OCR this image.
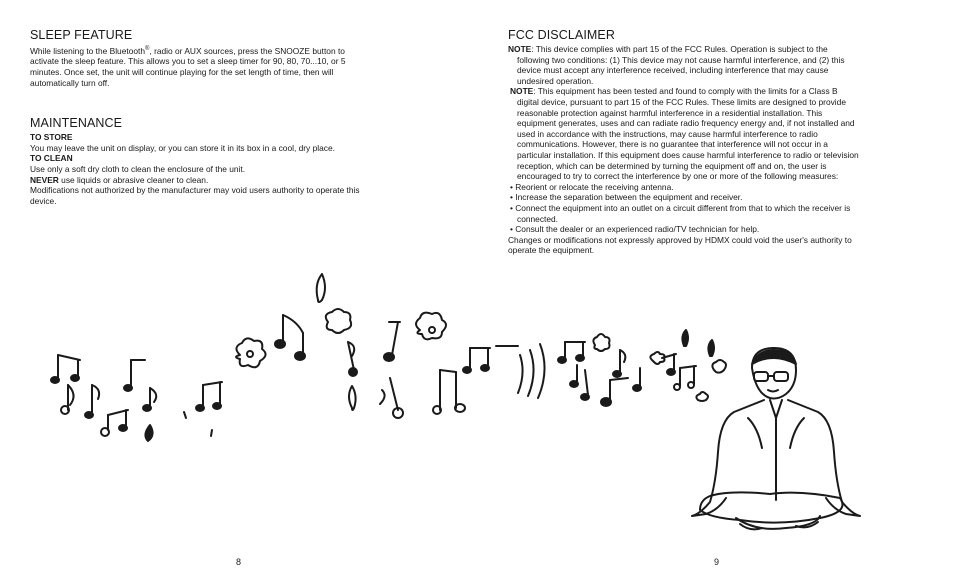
SLEEP FEATURE

While listening to the Bluetooth®, radio or AUX sources, press the SNOOZE button to activate the sleep feature. This allows you to set a sleep timer for 90, 80, 70...10, or 5 minutes. Once set, the unit will continue playing for the set length of time, then will automatically turn off.

MAINTENANCE

TO STORE

You may leave the unit on display, or you can store it in its box in a cool, dry place.

TO CLEAN

Use only a soft dry cloth to clean the enclosure of the unit.

NEVER use liquids or abrasive cleaner to clean.

Modifications not authorized by the manufacturer may void users authority to operate this device.

FCC DISCLAIMER

NOTE: This device complies with part 15 of the FCC Rules. Operation is subject to the following two conditions: (1) This device may not cause harmful interference, and (2) this device must accept any interference received, including interference that may cause undesired operation.

NOTE: This equipment has been tested and found to comply with the limits for a Class B digital device, pursuant to part 15 of the FCC Rules. These limits are designed to provide reasonable protection against harmful interference in a residential installation. This equipment generates, uses and can radiate radio frequency energy and, if not installed and used in accordance with the instructions, may cause harmful interference to radio communications. However, there is no guarantee that interference will not occur in a particular installation. If this equipment does cause harmful interference to radio or television reception, which can be determined by turning the equipment off and on, the user is encouraged to try to correct the interference by one or more of the following measures:

• Reorient or relocate the receiving antenna.

• Increase the separation between the equipment and receiver.

• Connect the equipment into an outlet on a circuit different from that to which the receiver is connected.

• Consult the dealer or an experienced radio/TV technician for help.

Changes or modifications not expressly approved by HDMX could void the user's authority to operate the equipment.

8	9
